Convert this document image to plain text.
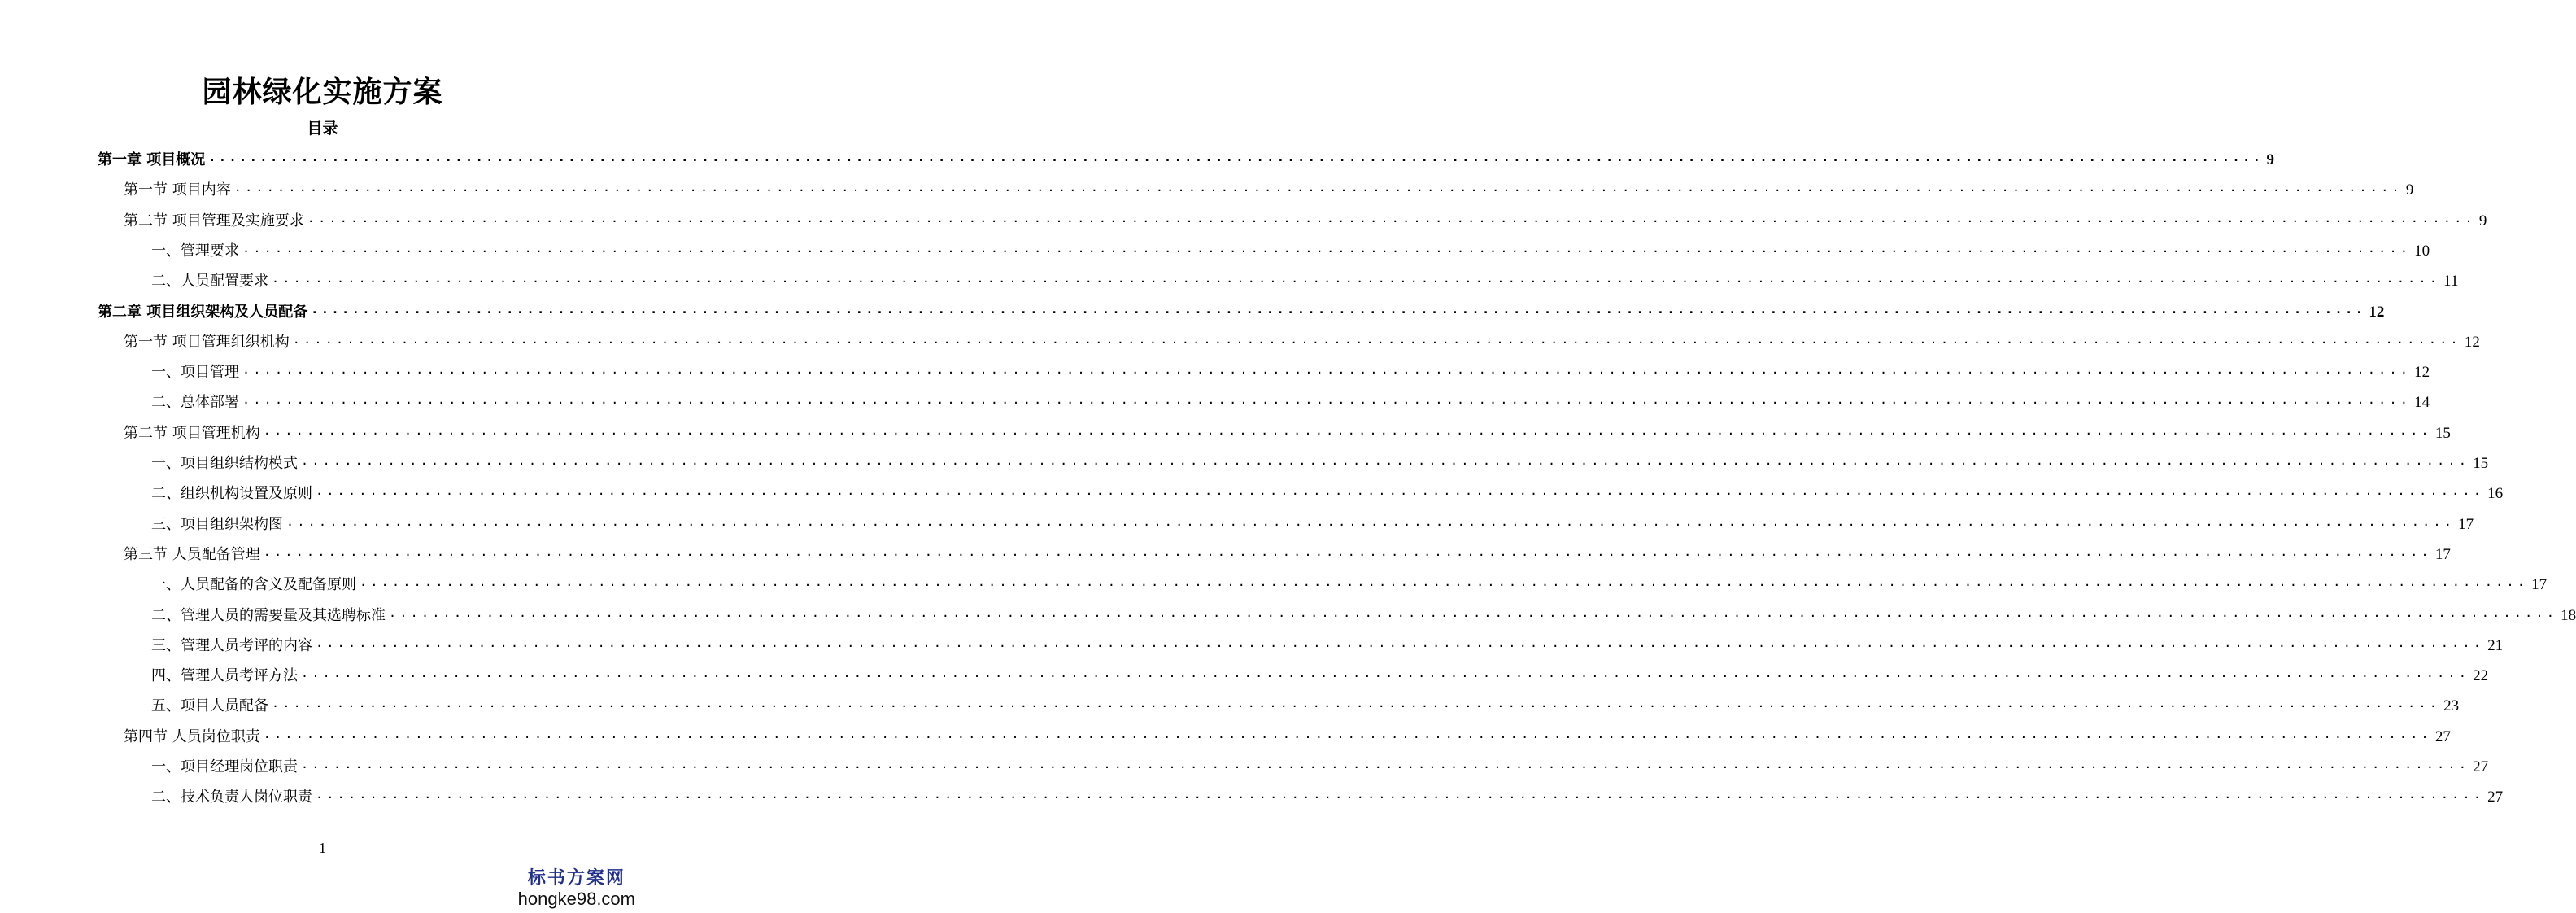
园林绿化实施方案
目录
第一章 项目概况 ........................................................................................................................................................................................................ 9
第一节 项目内容 ........................................................................................................................................................................................................ 9
第二节 项目管理及实施要求 ........................................................................................................................................................................................................ 9
一、管理要求 ........................................................................................................................................................................................................ 10
二、人员配置要求 ........................................................................................................................................................................................................ 11
第二章 项目组织架构及人员配备 ........................................................................................................................................................................................................ 12
第一节 项目管理组织机构 ........................................................................................................................................................................................................ 12
一、项目管理 ........................................................................................................................................................................................................ 12
二、总体部署 ........................................................................................................................................................................................................ 14
第二节 项目管理机构 ........................................................................................................................................................................................................ 15
一、项目组织结构模式 ........................................................................................................................................................................................................ 15
二、组织机构设置及原则 ........................................................................................................................................................................................................ 16
三、项目组织架构图 ........................................................................................................................................................................................................ 17
第三节 人员配备管理 ........................................................................................................................................................................................................ 17
一、人员配备的含义及配备原则 ........................................................................................................................................................................................................ 17
二、管理人员的需要量及其选聘标准 ........................................................................................................................................................................................................ 18
三、管理人员考评的内容 ........................................................................................................................................................................................................ 21
四、管理人员考评方法 ........................................................................................................................................................................................................ 22
五、项目人员配备 ........................................................................................................................................................................................................ 23
第四节 人员岗位职责 ........................................................................................................................................................................................................ 27
一、项目经理岗位职责 ........................................................................................................................................................................................................ 27
二、技术负责人岗位职责 ........................................................................................................................................................................................................ 27
1
标书方案网
hongke98.com
